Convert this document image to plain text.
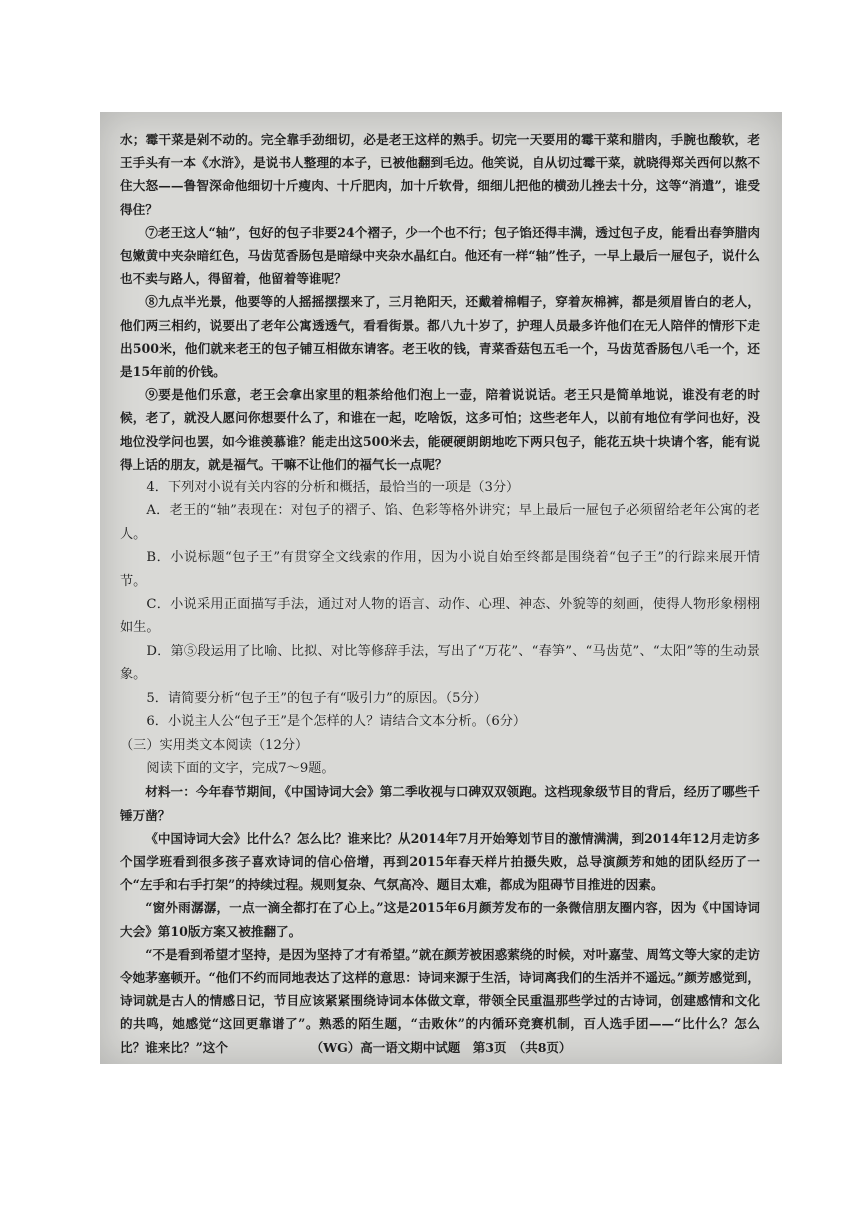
水；霉干菜是剁不动的。完全靠手劲细切，必是老王这样的熟手。切完一天要用的霉干菜和腊肉，手腕也酸软，老王手头有一本《水浒》，是说书人整理的本子，已被他翻到毛边。他笑说，自从切过霉干菜，就晓得郑关西何以熬不住大怒——鲁智深命他细切十斤瘦肉、十斤肥肉，加十斤软骨，细细儿把他的横劲儿挫去十分，这等“消遣”，谁受得住？

⑦老王这人“轴”，包好的包子非要24个褶子，少一个也不行；包子馅还得丰满，透过包子皮，能看出春笋腊肉包嫩黄中夹杂暗红色，马齿苋香肠包是暗绿中夹杂水晶红白。他还有一样“轴”性子，一早上最后一屉包子，说什么也不卖与路人，得留着，他留着等谁呢？

⑧九点半光景，他要等的人摇摇摆摆来了，三月艳阳天，还戴着棉帽子，穿着灰棉裤，都是须眉皆白的老人，他们两三相约，说要出了老年公寓透透气，看看街景。都八九十岁了，护理人员最多许他们在无人陪伴的情形下走出500米，他们就来老王的包子铺互相做东请客。老王收的钱，青菜香菇包五毛一个，马齿苋香肠包八毛一个，还是15年前的价钱。

⑨要是他们乐意，老王会拿出家里的粗茶给他们泡上一壶，陪着说说话。老王只是简单地说，谁没有老的时候，老了，就没人愿问你想要什么了，和谁在一起，吃啥饭，这多可怕；这些老年人，以前有地位有学问也好，没地位没学问也罢，如今谁羡慕谁？能走出这500米去，能硬硬朗朗地吃下两只包子，能花五块十块请个客，能有说得上话的朋友，就是福气。干嘛不让他们的福气长一点呢？

4．下列对小说有关内容的分析和概括，最恰当的一项是（3分）

A．老王的“轴”表现在：对包子的褶子、馅、色彩等格外讲究；早上最后一屉包子必须留给老年公寓的老人。

B．小说标题“包子王”有贯穿全文线索的作用，因为小说自始至终都是围绕着“包子王”的行踪来展开情节。

C．小说采用正面描写手法，通过对人物的语言、动作、心理、神态、外貌等的刻画，使得人物形象栩栩如生。

D．第⑤段运用了比喻、比拟、对比等修辞手法，写出了“万花”、“春笋”、“马齿苋”、“太阳”等的生动景象。

5．请简要分析“包子王”的包子有“吸引力”的原因。（5分）

6．小说主人公“包子王”是个怎样的人？请结合文本分析。（6分）

（三）实用类文本阅读（12分）

阅读下面的文字，完成7～9题。

材料一：今年春节期间，《中国诗词大会》第二季收视与口碑双双领跑。这档现象级节目的背后，经历了哪些千锤万凿？

《中国诗词大会》比什么？怎么比？谁来比？从2014年7月开始筹划节目的激情满满，到2014年12月走访多个国学班看到很多孩子喜欢诗词的信心倍增，再到2015年春天样片拍摄失败，总导演颜芳和她的团队经历了一个“左手和右手打架”的持续过程。规则复杂、气氛高冷、题目太难，都成为阻碍节目推进的因素。

“窗外雨潺潺，一点一滴全都打在了心上。”这是2015年6月颜芳发布的一条微信朋友圈内容，因为《中国诗词大会》第10版方案又被推翻了。

“不是看到希望才坚持，是因为坚持了才有希望。”就在颜芳被困惑萦绕的时候，对叶嘉莹、周笃文等大家的走访令她茅塞顿开。“他们不约而同地表达了这样的意思：诗词来源于生活，诗词离我们的生活并不遥远。”颜芳感觉到，诗词就是古人的情感日记，节目应该紧紧围绕诗词本体做文章，带领全民重温那些学过的古诗词，创建感情和文化的共鸣，她感觉“这回更靠谱了”。熟悉的陌生题，“击败休”的内循环竞赛机制，百人选手团——“比什么？怎么比？谁来比？”这个	（WG）高一语文期中试题　第3页　（共8页）
